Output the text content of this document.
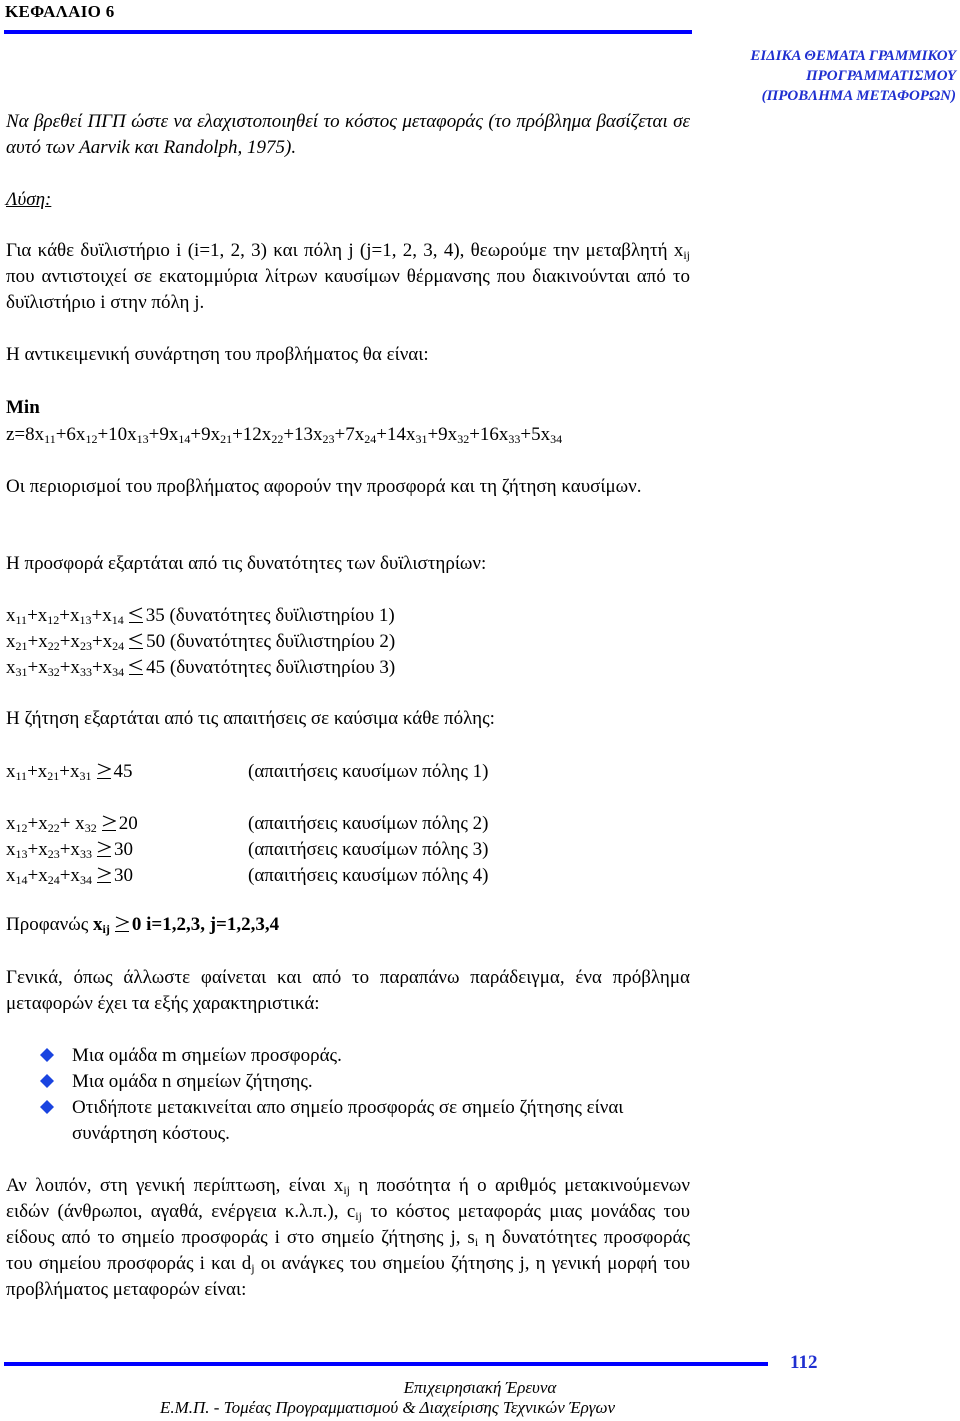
ΚΕΦΑΛΑΙΟ 6
ΕΙΔΙΚΑ ΘΕΜΑΤΑ ΓΡΑΜΜΙΚΟΥ
ΠΡΟΓΡΑΜΜΑΤΙΣΜΟΥ
(ΠΡΟΒΛΗΜΑ ΜΕΤΑΦΟΡΩΝ)
Να βρεθεί ΠΓΠ ώστε να ελαχιστοποιηθεί το κόστος μεταφοράς (το πρόβλημα βασίζεται σε αυτό των Aarvik και Randolph, 1975).
Λύση:
Για κάθε δυϊλιστήριο i (i=1, 2, 3) και πόλη j (j=1, 2, 3, 4), θεωρούμε την μεταβλητή $x_{ij}$ που αντιστοιχεί σε εκατομμύρια λίτρων καυσίμων θέρμανσης που διακινούνται από το δυϊλιστήριο i στην πόλη j.
Η αντικειμενική συνάρτηση του προβλήματος θα είναι:
Min
$z=8x_{11}+6x_{12}+10x_{13}+9x_{14}+9x_{21}+12x_{22}+13x_{23}+7x_{24}+14x_{31}+9x_{32}+16x_{33}+5x_{34}$
Οι περιορισμοί του προβλήματος αφορούν την προσφορά και τη ζήτηση καυσίμων.
Η προσφορά εξαρτάται από τις δυνατότητες των δυϊλιστηρίων:
$x_{11}+x_{12}+x_{13}+x_{14}$ 35 (δυνατότητες δυϊλιστηρίου 1)
$x_{21}+x_{22}+x_{23}+x_{24}$ 50 (δυνατότητες δυϊλιστηρίου 2)
$x_{31}+x_{32}+x_{33}+x_{34}$ 45 (δυνατότητες δυϊλιστηρίου 3)
Η ζήτηση εξαρτάται από τις απαιτήσεις σε καύσιμα κάθε πόλης:
$x_{11}+x_{21}+x_{31}$ 45	(απαιτήσεις καυσίμων πόλης 1)
$x_{12}+x_{22}+ x_{32}$ 20	(απαιτήσεις καυσίμων πόλης 2)
$x_{13}+x_{23}+x_{33}$ 30	(απαιτήσεις καυσίμων πόλης 3)
$x_{14}+x_{24}+x_{34}$ 30	(απαιτήσεις καυσίμων πόλης 4)
Προφανώς $x_{ij}$ 0 i=1,2,3, j=1,2,3,4
Γενικά, όπως άλλωστε φαίνεται και από το παραπάνω παράδειγμα, ένα πρόβλημα μεταφορών έχει τα εξής χαρακτηριστικά:
Μια ομάδα m σημείων προσφοράς.
Μια ομάδα n σημείων ζήτησης.
Οτιδήποτε μετακινείται απο σημείο προσφοράς σε σημείο ζήτησης είναι συνάρτηση κόστους.
Αν λοιπόν, στη γενική περίπτωση, είναι $x_{ij}$ η ποσότητα ή ο αριθμός μετακινούμενων ειδών (άνθρωποι, αγαθά, ενέργεια κ.λ.π.), $c_{ij}$ το κόστος μεταφοράς μιας μονάδας του είδους από το σημείο προσφοράς i στο σημείο ζήτησης j, $s_i$ η δυνατότητες προσφοράς του σημείου προσφοράς i και $d_j$ οι ανάγκες του σημείου ζήτησης j, η γενική μορφή του προβλήματος μεταφορών είναι:
112
Επιχειρησιακή Έρευνα
Ε.Μ.Π. - Τομέας Προγραμματισμού & Διαχείρισης Τεχνικών Έργων
